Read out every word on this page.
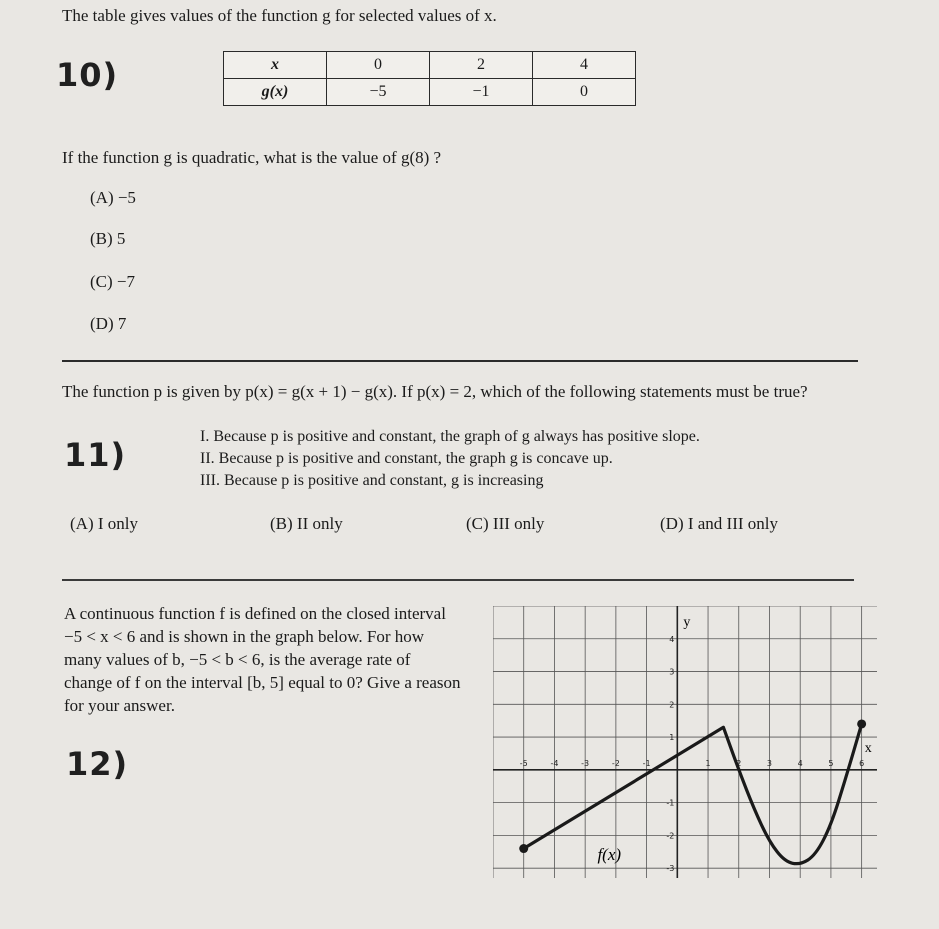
The table gives values of the function g for selected values of x.
10)	x	0	2	4
g(x)	−5	−1	0
If the function g is quadratic, what is the value of g(8) ?
(A) −5
(B) 5
(C) −7
(D) 7
The function p is given by p(x) = g(x + 1) − g(x). If p(x) = 2, which of the following statements must be true?
11)	I. Because p is positive and constant, the graph of g always has positive slope.
II. Because p is positive and constant, the graph g is concave up.
III. Because p is positive and constant, g is increasing
(A) I only	(B) II only	(C) III only	(D) I and III only
A continuous function f is defined on the closed interval
−5 < x < 6 and is shown in the graph below. For how
many values of b, −5 < b < 6, is the average rate of
change of f on the interval [b, 5] equal to 0? Give a reason
for your answer.
12)	-5	-4	-3	-2	-1	1	2	3	4	5	6
-3
-2
-1
1
2
3
4
x
y
f(x)
